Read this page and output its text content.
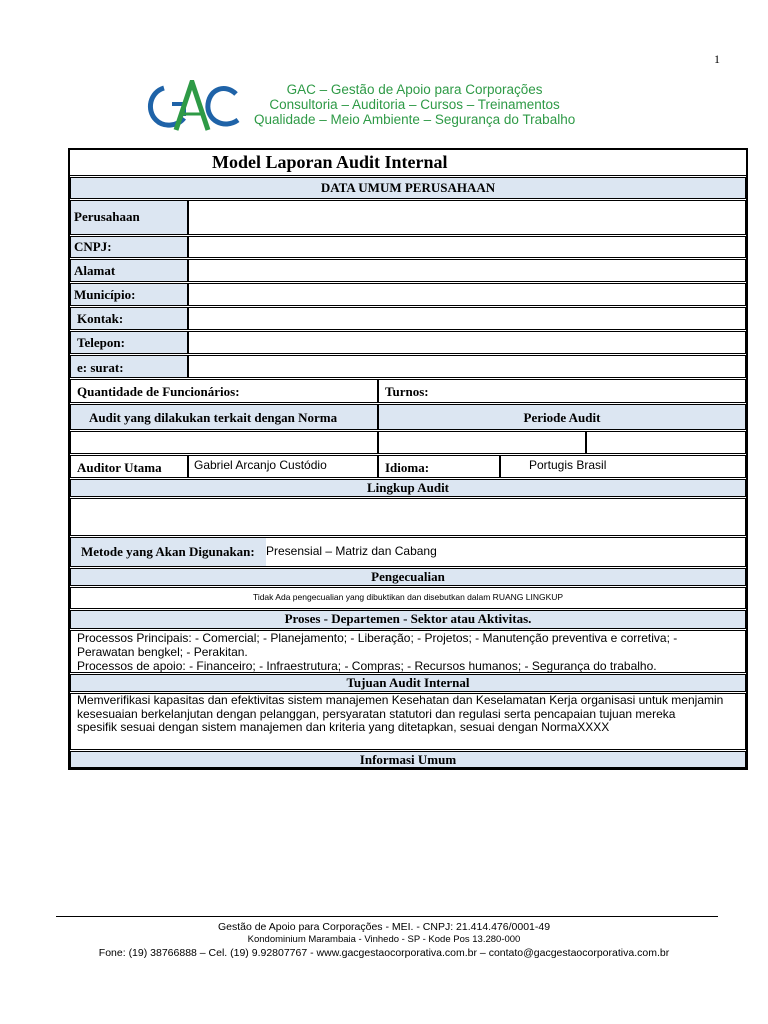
1
GAC – Gestão de Apoio para Corporações
Consultoria – Auditoria – Cursos – Treinamentos
Qualidade – Meio Ambiente – Segurança do Trabalho
Model Laporan Audit Internal
DATA UMUM PERUSAHAAN
Perusahaan
CNPJ:
Alamat
Município:
Kontak:
Telepon:
e: surat:
Quantidade de Funcionários:	Turnos:
Audit yang dilakukan terkait dengan Norma	Periode Audit
Auditor Utama	Gabriel Arcanjo Custódio	Idioma:	Portugis Brasil
Lingkup Audit
Metode yang Akan Digunakan: Presensial – Matriz dan Cabang
Pengecualian
Tidak Ada pengecualian yang dibuktikan dan disebutkan dalam RUANG LINGKUP
Proses - Departemen - Sektor atau Aktivitas.
Processos Principais: - Comercial; - Planejamento; - Liberação; - Projetos; - Manutenção preventiva e corretiva; -
Perawatan bengkel; - Perakitan.
Processos de apoio: - Financeiro; - Infraestrutura; - Compras; - Recursos humanos; - Segurança do trabalho.
Tujuan Audit Internal
Memverifikasi kapasitas dan efektivitas sistem manajemen Kesehatan dan Keselamatan Kerja organisasi untuk menjamin
kesesuaian berkelanjutan dengan pelanggan, persyaratan statutori dan regulasi serta pencapaian tujuan mereka
spesifik sesuai dengan sistem manajemen dan kriteria yang ditetapkan, sesuai dengan NormaXXXX
Informasi Umum
Gestão de Apoio para Corporações - MEI. - CNPJ: 21.414.476/0001-49
Kondominium Marambaia - Vinhedo - SP - Kode Pos 13.280-000
Fone: (19) 38766888 – Cel. (19) 9.92807767 - www.gacgestaocorporativa.com.br – contato@gacgestaocorporativa.com.br
